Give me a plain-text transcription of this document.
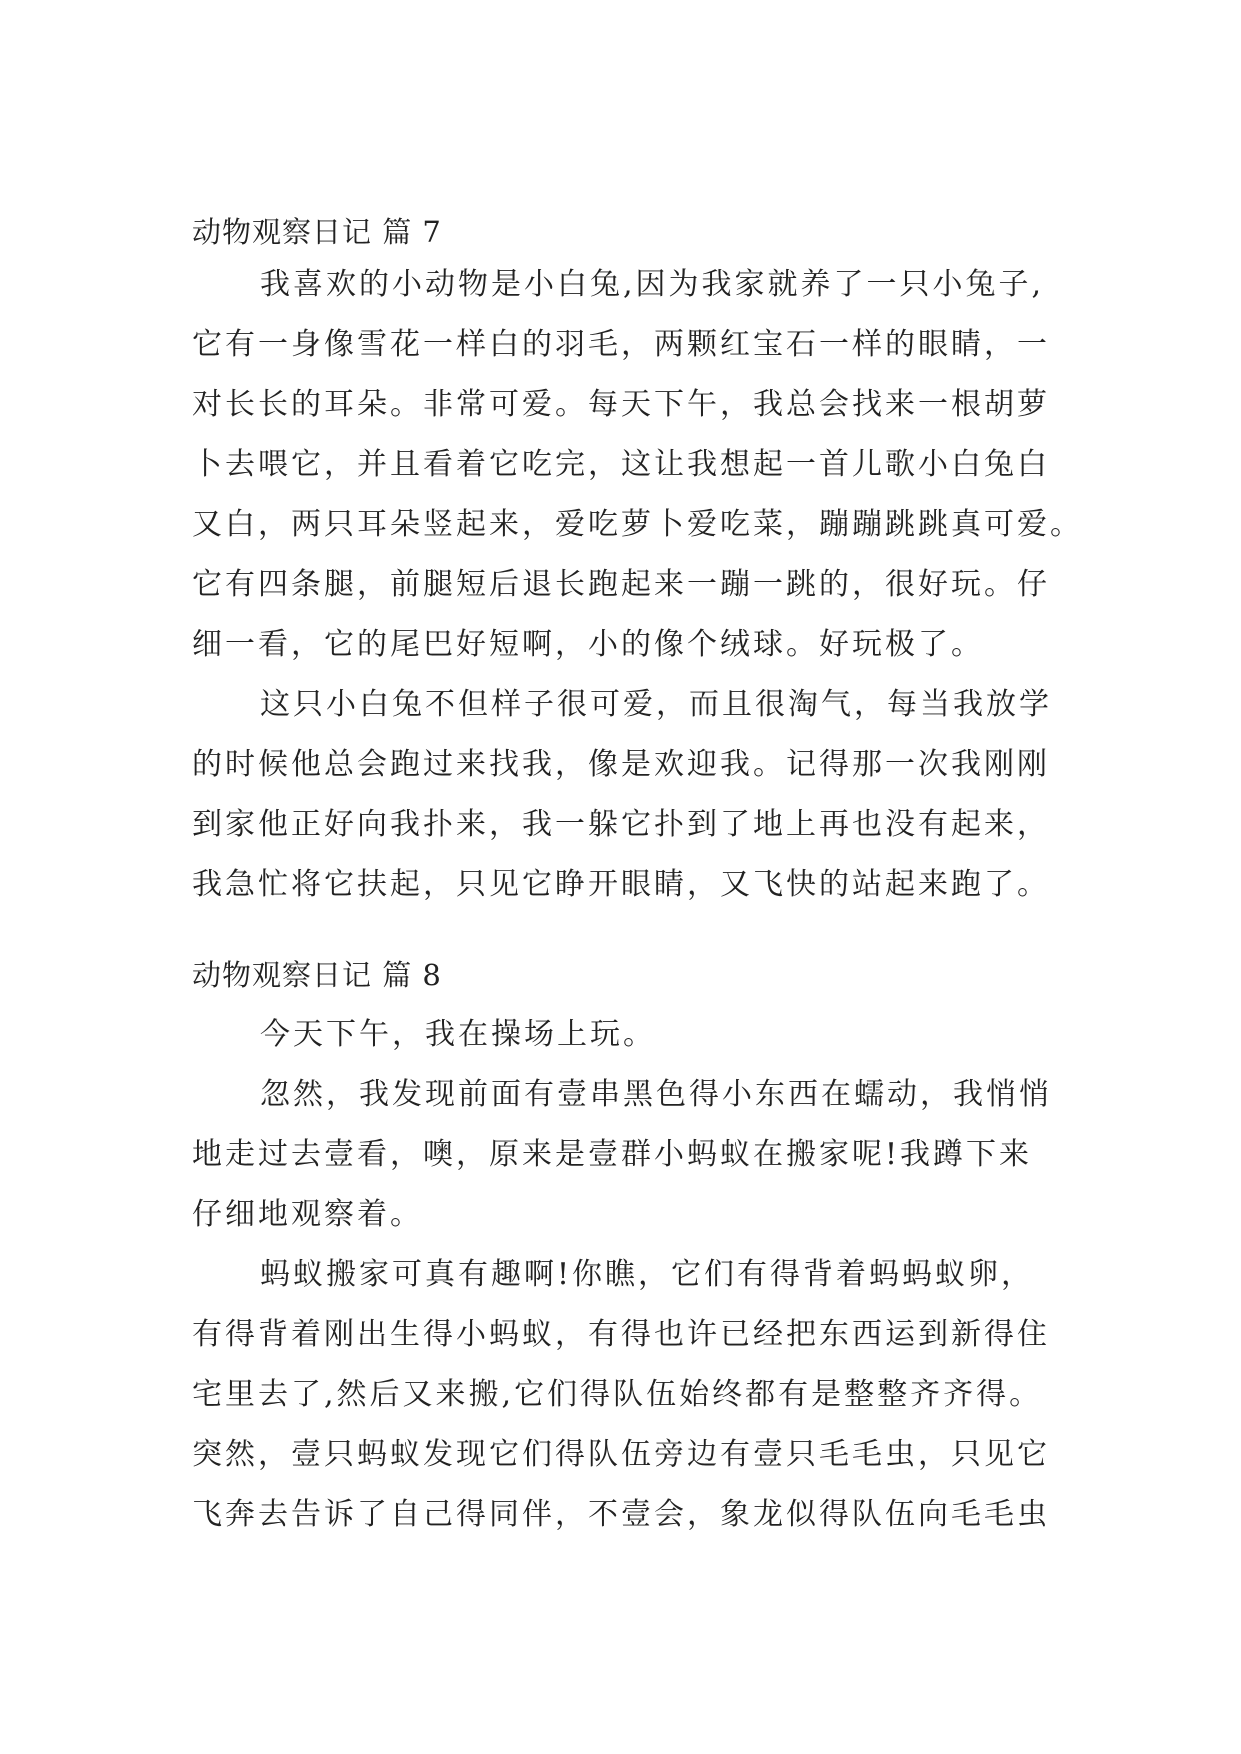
动物观察日记 篇 7

我喜欢的小动物是小白兔,因为我家就养了一只小兔子,
它有一身像雪花一样白的羽毛，两颗红宝石一样的眼睛，一
对长长的耳朵。非常可爱。每天下午，我总会找来一根胡萝
卜去喂它，并且看着它吃完，这让我想起一首儿歌小白兔白
又白，两只耳朵竖起来，爱吃萝卜爱吃菜，蹦蹦跳跳真可爱。
它有四条腿，前腿短后退长跑起来一蹦一跳的，很好玩。仔
细一看，它的尾巴好短啊，小的像个绒球。好玩极了。

这只小白兔不但样子很可爱，而且很淘气，每当我放学
的时候他总会跑过来找我，像是欢迎我。记得那一次我刚刚
到家他正好向我扑来，我一躲它扑到了地上再也没有起来，
我急忙将它扶起，只见它睁开眼睛，又飞快的站起来跑了。

动物观察日记 篇 8

今天下午，我在操场上玩。

忽然，我发现前面有壹串黑色得小东西在蠕动，我悄悄
地走过去壹看，噢，原来是壹群小蚂蚁在搬家呢!我蹲下来
仔细地观察着。

蚂蚁搬家可真有趣啊!你瞧，它们有得背着蚂蚂蚁卵，
有得背着刚出生得小蚂蚁，有得也许已经把东西运到新得住
宅里去了,然后又来搬,它们得队伍始终都有是整整齐齐得。
突然，壹只蚂蚁发现它们得队伍旁边有壹只毛毛虫，只见它
飞奔去告诉了自己得同伴，不壹会，象龙似得队伍向毛毛虫
